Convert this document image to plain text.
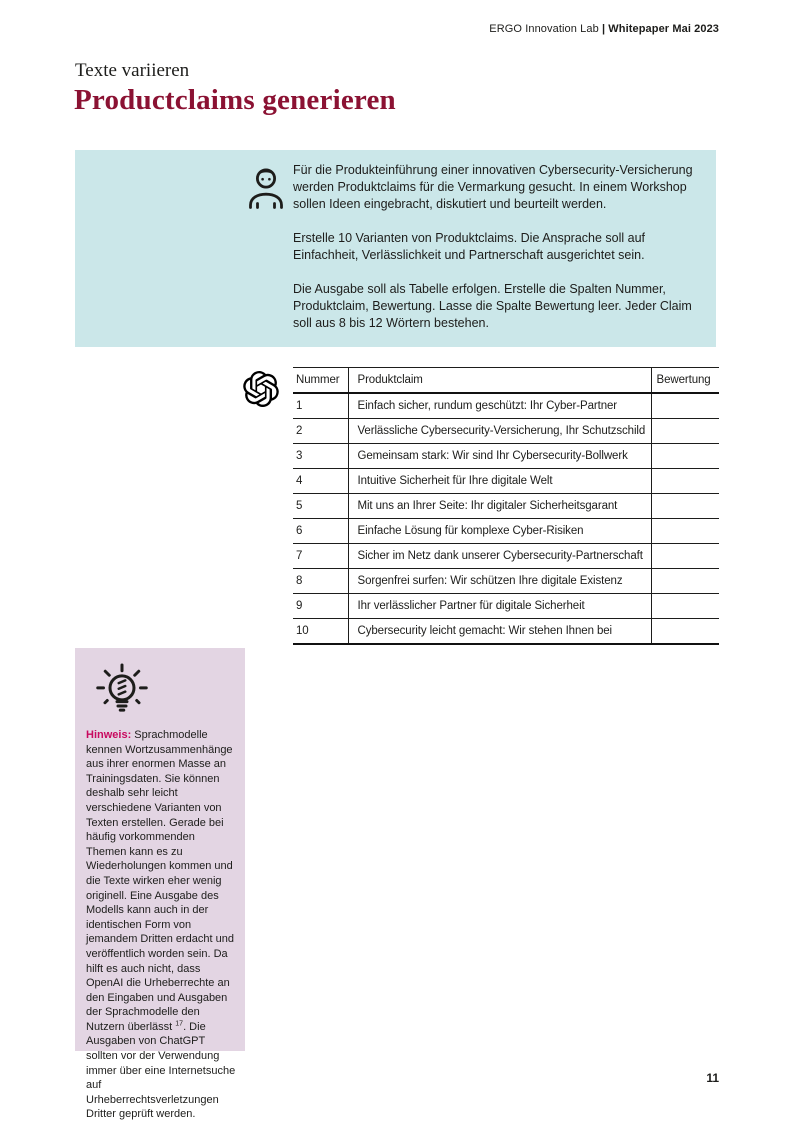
ERGO Innovation Lab | Whitepaper Mai 2023
Texte variieren
Productclaims generieren

Für die Produkteinführung einer innovativen Cybersecurity-Versicherung werden Produktclaims für die Vermarkung gesucht. In einem Workshop sollen Ideen eingebracht, diskutiert und beurteilt werden.

Erstelle 10 Varianten von Produktclaims. Die Ansprache soll auf Einfachheit, Verlässlichkeit und Partnerschaft ausgerichtet sein.

Die Ausgabe soll als Tabelle erfolgen. Erstelle die Spalten Nummer, Produktclaim, Bewertung. Lasse die Spalte Bewertung leer. Jeder Claim soll aus 8 bis 12 Wörtern bestehen.

Nummer	Produktclaim	Bewertung
1	Einfach sicher, rundum geschützt: Ihr Cyber-Partner	
2	Verlässliche Cybersecurity-Versicherung, Ihr Schutzschild	
3	Gemeinsam stark: Wir sind Ihr Cybersecurity-Bollwerk	
4	Intuitive Sicherheit für Ihre digitale Welt	
5	Mit uns an Ihrer Seite: Ihr digitaler Sicherheitsgarant	
6	Einfache Lösung für komplexe Cyber-Risiken	
7	Sicher im Netz dank unserer Cybersecurity-Partnerschaft	
8	Sorgenfrei surfen: Wir schützen Ihre digitale Existenz	
9	Ihr verlässlicher Partner für digitale Sicherheit	
10	Cybersecurity leicht gemacht: Wir stehen Ihnen bei	
Hinweis: Sprachmodelle kennen Wortzusammenhänge aus ihrer enormen Masse an Trainingsdaten. Sie können deshalb sehr leicht verschiedene Varianten von Texten erstellen. Gerade bei häufig vorkommenden Themen kann es zu Wiederholungen kommen und die Texte wirken eher wenig originell. Eine Ausgabe des Modells kann auch in der identischen Form von jemandem Dritten erdacht und veröffentlich worden sein. Da hilft es auch nicht, dass OpenAI die Urheberrechte an den Eingaben und Ausgaben der Sprachmodelle den Nutzern überlässt $^{17}$. Die Ausgaben von ChatGPT sollten vor der Verwendung immer über eine Internetsuche auf Urheberrechtsverletzungen Dritter geprüft werden.
11
